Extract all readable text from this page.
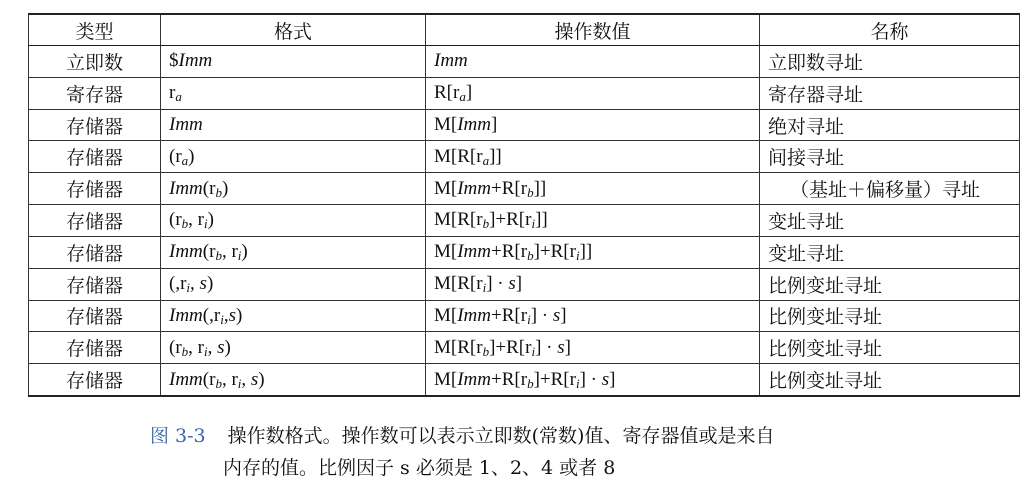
类型	格式	操作数值	名称
立即数	$Imm	Imm	立即数寻址
寄存器	$r_a$	$R[r_a]$	寄存器寻址
存储器	Imm	M[Imm]	绝对寻址
存储器	$(r_a)$	$M[R[r_a]]$	间接寻址
存储器	$Imm(r_b)$	$M[Imm+R[r_b]]$	（基址＋偏移量）寻址
存储器	($r_b$, $r_i$)	$M[R[r_b]+R[r_i]]$	变址寻址
存储器	$Imm(r_b$, $r_i$)	$M[Imm+R[r_b]+R[r_i]]$	变址寻址
存储器	($,r_i$, s)	$M[R[r_i] \cdot s]$	比例变址寻址
存储器	$Imm(,r_i,s)$	$M[Imm+R[r_i] \cdot s]$	比例变址寻址
存储器	($r_b$, $r_i$, s)	$M[R[r_b]+R[r_i] \cdot s]$	比例变址寻址
存储器	$Imm(r_b$, $r_i$, s)	$M[Imm+R[r_b]+R[r_i] \cdot s]$	比例变址寻址
图 3-3 操作数格式。操作数可以表示立即数(常数)值、寄存器值或是来自
内存的值。比例因子 s 必须是 1、2、4 或者 8
